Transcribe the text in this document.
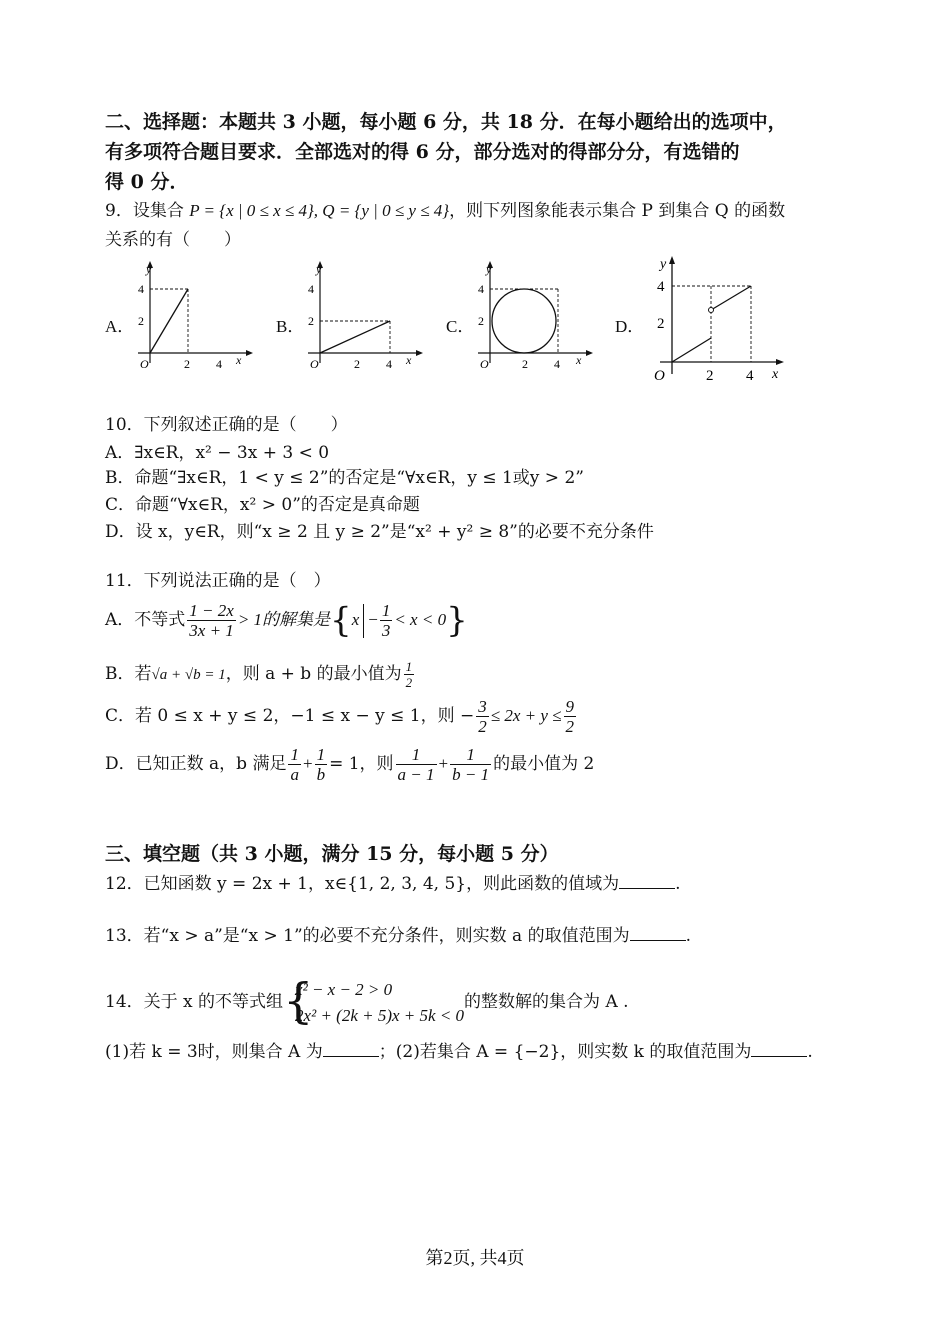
二、选择题：本题共 3 小题，每小题 6 分，共 18 分．在每小题给出的选项中，
有多项符合题目要求．全部选对的得 6 分，部分选对的得部分分，有选错的
得 0 分．
9．设集合 P = {x | 0 ≤ x ≤ 4}, Q = {y | 0 ≤ y ≤ 4}，则下列图象能表示集合 P 到集合 Q 的函数
关系的有（　　）
A．	B．	C．	D．
y
4
2
O	2 4 x
y
4
2
O	2 4 x
y
4
2
O	2 4 x
y
4
2
O	2 4 x
10．下列叙述正确的是（　　）
A．∃x∈R，x² − 3x + 3 < 0
B．命题“∃x∈R，1 < y ≤ 2”的否定是“∀x∈R，y ≤ 1或y > 2”
C．命题“∀x∈R，x² > 0”的否定是真命题
D．设 x，y∈R，则“x ≥ 2 且 y ≥ 2”是“x² + y² ≥ 8”的必要不充分条件
11．下列说法正确的是（　）
A．不等式 $\frac{1 - 2x}{3x + 1} > 1$的解集是$\{x - \frac{1}{3} < x < 0\}$
B．若√a + √b = 1，则 a + b 的最小值为 $\frac{1}{2}$
C．若 0 ≤ x + y ≤ 2，−1 ≤ x − y ≤ 1，则 − $\frac{3}{2} \le 2x + y \le \frac{9}{2}$
D．已知正数 a，b 满足 $\frac{1}{a} + \frac{1}{b} = 1$，则 $\frac{1}{a - 1} + \frac{1}{b - 1}$ 的最小值为 2
三、填空题（共 3 小题，满分 15 分，每小题 5 分）
12．已知函数 y = 2x + 1，x∈{1, 2, 3, 4, 5}，则此函数的值域为	.
13．若“x > a”是“x > 1”的必要不充分条件，则实数 a 的取值范围为	.
14．关于 x 的不等式组 {
x² − x − 2 > 0
2x² + (2k + 5)x + 5k < 0
的整数解的集合为 A .
(1)若 k = 3时，则集合 A 为	；(2)若集合 A = {−2}，则实数 k 的取值范围为	.
第2页, 共4页
